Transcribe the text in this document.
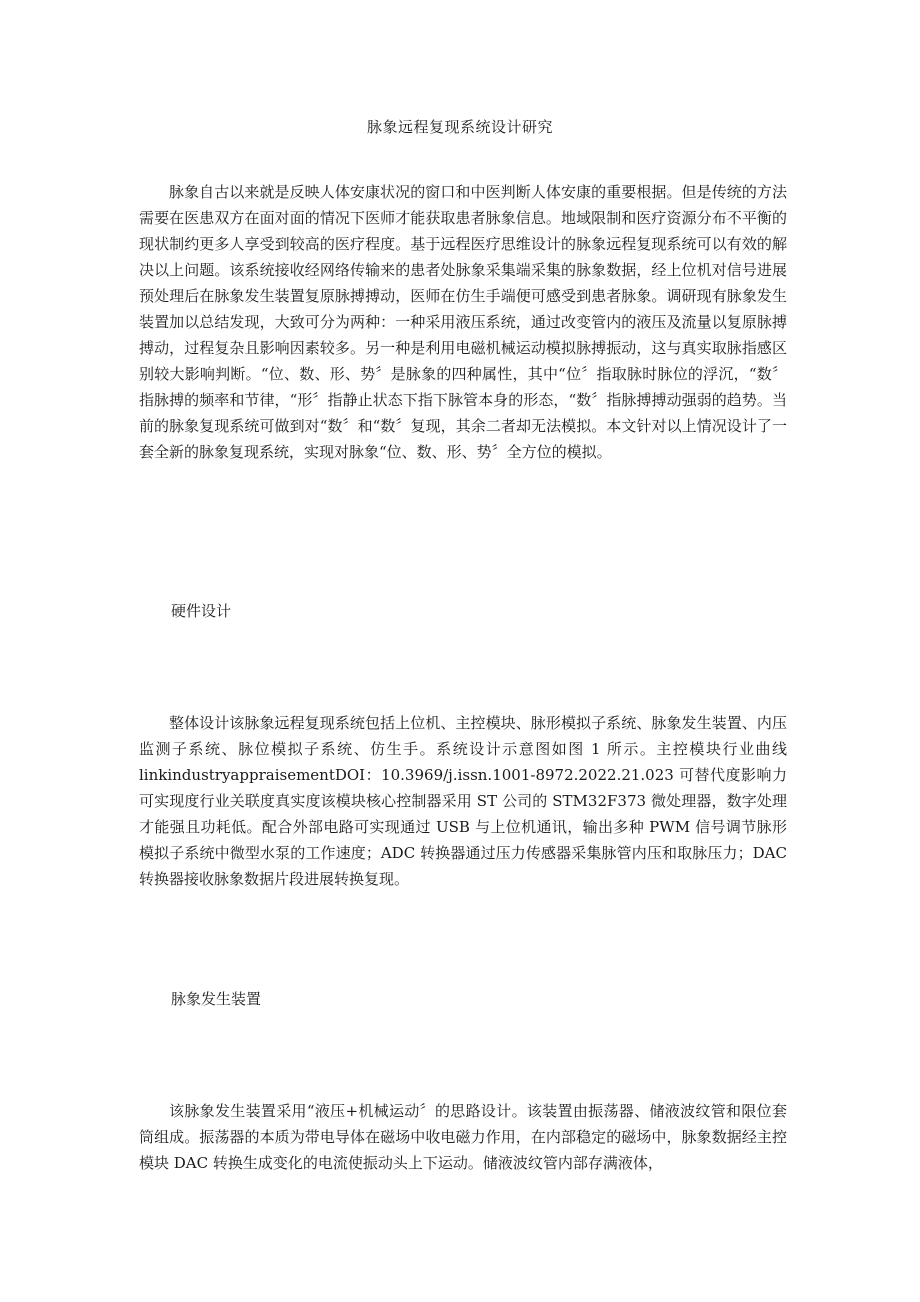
脉象远程复现系统设计研究

脉象自古以来就是反映人体安康状况的窗口和中医判断人体安康的重要根据。但是传统的方法需要在医患双方在面对面的情况下医师才能获取患者脉象信息。地域限制和医疗资源分布不平衡的现状制约更多人享受到较高的医疗程度。基于远程医疗思维设计的脉象远程复现系统可以有效的解决以上问题。该系统接收经网络传输来的患者处脉象采集端采集的脉象数据，经上位机对信号进展预处理后在脉象发生装置复原脉搏搏动，医师在仿生手端便可感受到患者脉象。调研现有脉象发生装置加以总结发现，大致可分为两种：一种采用液压系统，通过改变管内的液压及流量以复原脉搏搏动，过程复杂且影响因素较多。另一种是利用电磁机械运动模拟脉搏振动，这与真实取脉指感区别较大影响判断。“位、数、形、势〞是脉象的四种属性，其中“位〞指取脉时脉位的浮沉，“数〞指脉搏的频率和节律，“形〞指静止状态下指下脉管本身的形态，“数〞指脉搏搏动强弱的趋势。当前的脉象复现系统可做到对“数〞和“数〞复现，其余二者却无法模拟。本文针对以上情况设计了一套全新的脉象复现系统，实现对脉象“位、数、形、势〞全方位的模拟。

硬件设计

整体设计该脉象远程复现系统包括上位机、主控模块、脉形模拟子系统、脉象发生装置、内压监测子系统、脉位模拟子系统、仿生手。系统设计示意图如图 1 所示。主控模块行业曲线 linkindustryappraisementDOI：10.3969/j.issn.1001-8972.2022.21.023 可替代度影响力可实现度行业关联度真实度该模块核心控制器采用 ST 公司的 STM32F373 微处理器，数字处理才能强且功耗低。配合外部电路可实现通过 USB 与上位机通讯，输出多种 PWM 信号调节脉形模拟子系统中微型水泵的工作速度；ADC 转换器通过压力传感器采集脉管内压和取脉压力；DAC 转换器接收脉象数据片段进展转换复现。

脉象发生装置

该脉象发生装置采用“液压+机械运动〞的思路设计。该装置由振荡器、储液波纹管和限位套筒组成。振荡器的本质为带电导体在磁场中收电磁力作用，在内部稳定的磁场中，脉象数据经主控模块 DAC 转换生成变化的电流使振动头上下运动。储液波纹管内部存满液体，
